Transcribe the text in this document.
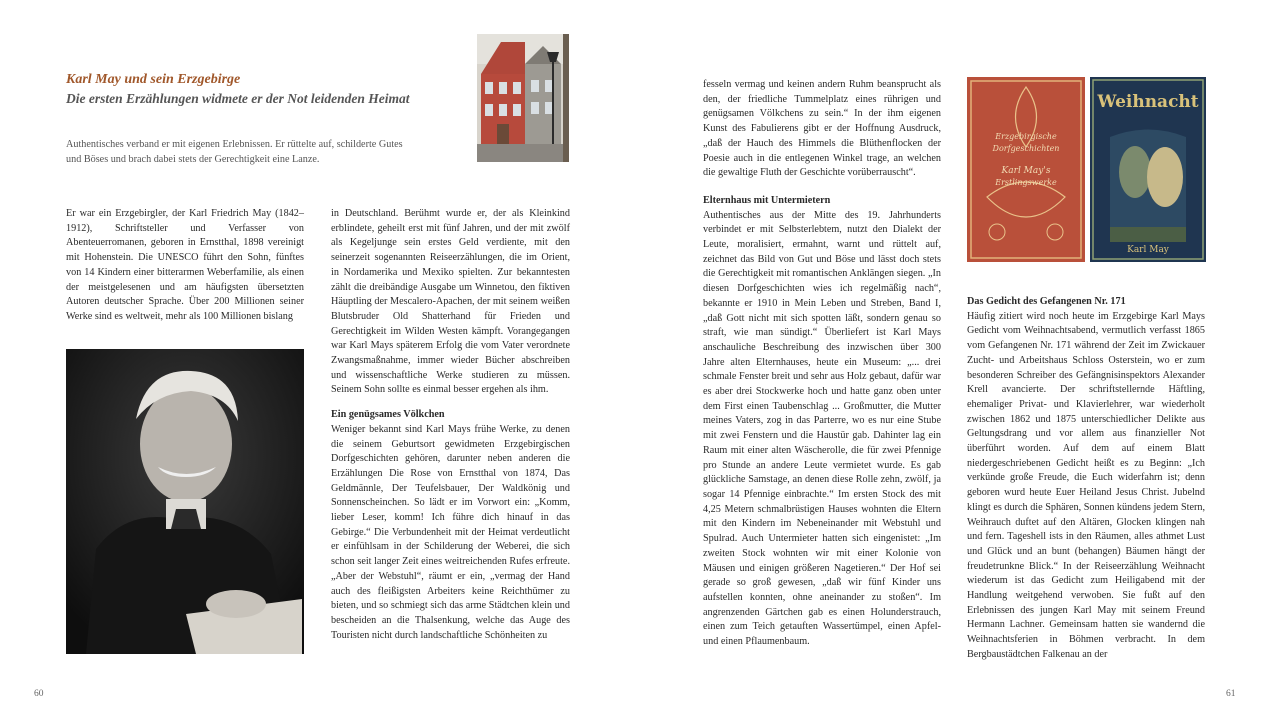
Karl May und sein Erzgebirge
Die ersten Erzählungen widmete er der Not leidenden Heimat
Authentisches verband er mit eigenen Erlebnissen. Er rüttelte auf, schilderte Gutes und Böses und brach dabei stets der Gerechtigkeit eine Lanze.

Er war ein Erzgebirgler, der Karl Friedrich May (1842–1912), Schriftsteller und Verfasser von Abenteuerromanen, geboren in Ernstthal, 1898 vereinigt mit Hohenstein. Die UNESCO führt den Sohn, fünftes von 14 Kindern einer bitterarmen Weberfamilie, als einen der meistgelesenen und am häufigsten übersetzten Autoren deutscher Sprache. Über 200 Millionen seiner Werke sind es weltweit, mehr als 100 Millionen bislang

in Deutschland. Berühmt wurde er, der als Kleinkind erblindete, geheilt erst mit fünf Jahren, und der mit zwölf als Kegeljunge sein erstes Geld verdiente, mit den seinerzeit sogenannten Reiseerzählungen, die im Orient, in Nordamerika und Mexiko spielten. Zur bekanntesten zählt die dreibändige Ausgabe um Winnetou, den fiktiven Häuptling der Mescalero-Apachen, der mit seinem weißen Blutsbruder Old Shatterhand für Frieden und Gerechtigkeit im Wilden Westen kämpft. Vorangegangen war Karl Mays späterem Erfolg die vom Vater verordnete Zwangsmaßnahme, immer wieder Bücher abschreiben und wissenschaftliche Werke studieren zu müssen. Seinem Sohn sollte es einmal besser ergehen als ihm.

Ein genügsames Völkchen

Weniger bekannt sind Karl Mays frühe Werke, zu denen die seinem Geburtsort gewidmeten Erzgebirgischen Dorfgeschichten gehören, darunter neben anderen die Erzählungen Die Rose von Ernstthal von 1874, Das Geldmännle, Der Teufelsbauer, Der Waldkönig und Sonnenscheinchen. So lädt er im Vorwort ein: „Komm, lieber Leser, komm! Ich führe dich hinauf in das Gebirge.“ Die Verbundenheit mit der Heimat verdeutlicht er einfühlsam in der Schilderung der Weberei, die sich schon seit langer Zeit eines weitreichenden Rufes erfreute. „Aber der Webstuhl“, räumt er ein, „vermag der Hand auch des fleißigsten Arbeiters keine Reichthümer zu bieten, und so schmiegt sich das arme Städtchen klein und bescheiden an die Thalsenkung, welche das Auge des Touristen nicht durch landschaftliche Schönheiten zu

60

fesseln vermag und keinen andern Ruhm beansprucht als den, der friedliche Tummelplatz eines rührigen und genügsamen Völkchens zu sein.“ In der ihm eigenen Kunst des Fabulierens gibt er der Hoffnung Ausdruck, „daß der Hauch des Himmels die Blüthenflocken der Poesie auch in die entlegenen Winkel trage, an welchen die gewaltige Fluth der Geschichte vorüberrauscht“.

Elternhaus mit Untermietern

Authentisches aus der Mitte des 19. Jahrhunderts verbindet er mit Selbsterlebtem, nutzt den Dialekt der Leute, moralisiert, ermahnt, warnt und rüttelt auf, zeichnet das Bild von Gut und Böse und lässt doch stets die Gerechtigkeit mit romantischen Anklängen siegen. „In diesen Dorfgeschichten wies ich regelmäßig nach“, bekannte er 1910 in Mein Leben und Streben, Band I, „daß Gott nicht mit sich spotten läßt, sondern genau so straft, wie man sündigt.“ Überliefert ist Karl Mays anschauliche Beschreibung des inzwischen über 300 Jahre alten Elternhauses, heute ein Museum: „... drei schmale Fenster breit und sehr aus Holz gebaut, dafür war es aber drei Stockwerke hoch und hatte ganz oben unter dem First einen Taubenschlag ... Großmutter, die Mutter meines Vaters, zog in das Parterre, wo es nur eine Stube mit zwei Fenstern und die Haustür gab. Dahinter lag ein Raum mit einer alten Wäscherolle, die für zwei Pfennige pro Stunde an andere Leute vermietet wurde. Es gab glückliche Samstage, an denen diese Rolle zehn, zwölf, ja sogar 14 Pfennige einbrachte.“ Im ersten Stock des mit 4,25 Metern schmalbrüstigen Hauses wohnten die Eltern mit den Kindern im Nebeneinander mit Webstuhl und Spulrad. Auch Untermieter hatten sich eingenistet: „Im zweiten Stock wohnten wir mit einer Kolonie von Mäusen und einigen größeren Nagetieren.“ Der Hof sei gerade so groß gewesen, „daß wir fünf Kinder uns aufstellen konnten, ohne aneinander zu stoßen“. Im angrenzenden Gärtchen gab es einen Holunderstrauch, einen zum Teich getauften Wassertümpel, einen Apfel- und einen Pflaumenbaum.

Erzgebirgische
Dorfgeschichten
Karl May's
Erstlingswerke
Weihnacht
Karl May

Das Gedicht des Gefangenen Nr. 171

Häufig zitiert wird noch heute im Erzgebirge Karl Mays Gedicht vom Weihnachtsabend, vermutlich verfasst 1865 vom Gefangenen Nr. 171 während der Zeit im Zwickauer Zucht- und Arbeitshaus Schloss Osterstein, wo er zum besonderen Schreiber des Gefängnisinspektors Alexander Krell avancierte. Der schriftstellernde Häftling, ehemaliger Privat- und Klavierlehrer, war wiederholt zwischen 1862 und 1875 unterschiedlicher Delikte aus Geltungsdrang und vor allem aus finanzieller Not überführt worden. Auf dem auf einem Blatt niedergeschriebenen Gedicht heißt es zu Beginn: „Ich verkünde große Freude, die Euch widerfahrn ist; denn geboren wurd heute Euer Heiland Jesus Christ. Jubelnd klingt es durch die Sphären, Sonnen kündens jedem Stern, Weihrauch duftet auf den Altären, Glocken klingen nah und fern. Tageshell ists in den Räumen, alles athmet Lust und Glück und an bunt (behangen) Bäumen hängt der freudetrunkne Blick.“ In der Reiseerzählung Weihnacht wiederum ist das Gedicht zum Heiligabend mit der Handlung weitgehend verwoben. Sie fußt auf den Erlebnissen des jungen Karl May mit seinem Freund Hermann Lachner. Gemeinsam hatten sie wandernd die Weihnachtsferien in Böhmen verbracht. In dem Bergbaustädtchen Falkenau an der

61
